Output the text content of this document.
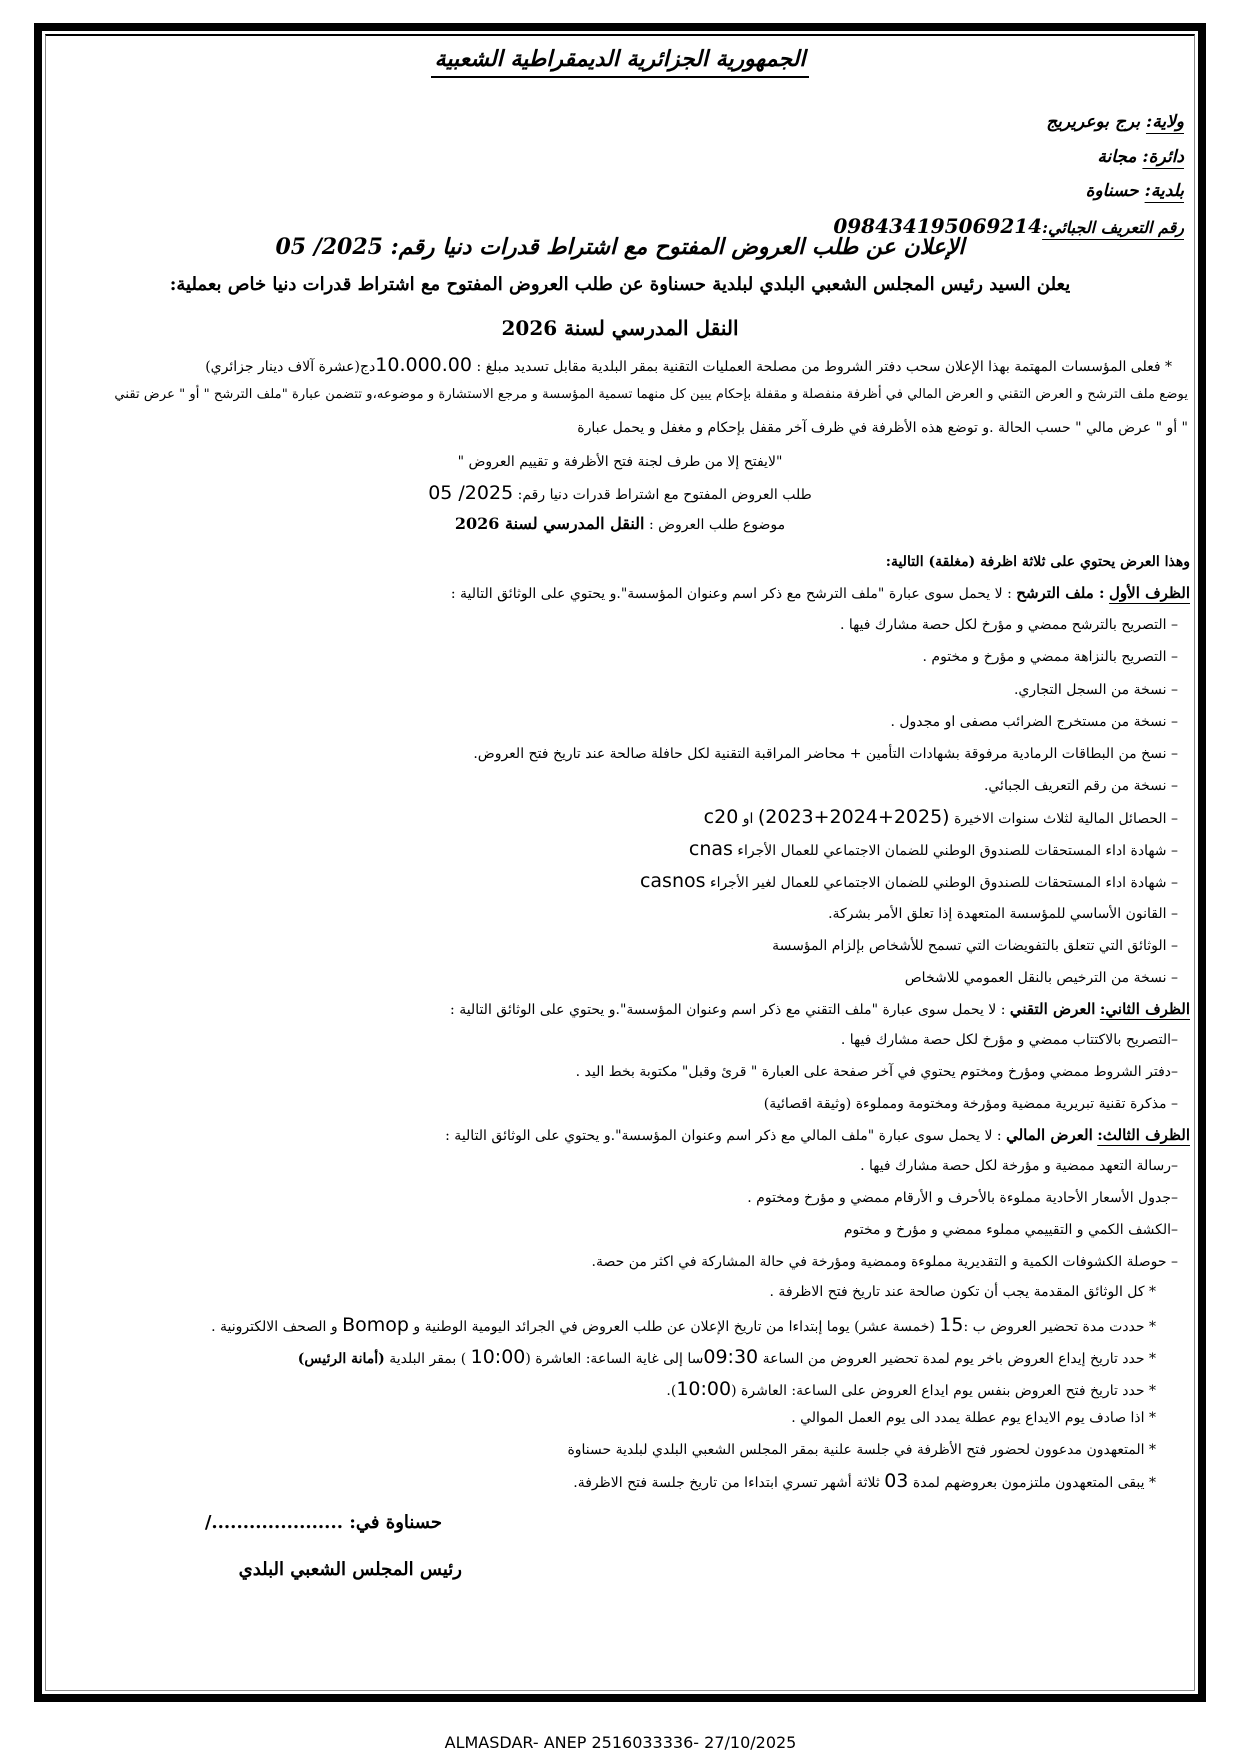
الجمهورية الجزائرية الديمقراطية الشعبية
ولاية: برج بوعريريج
دائرة: مجانة
بلدية: حسناوة
رقم التعريف الجبائي:098434195069214
الإعلان عن طلب العروض المفتوح مع اشتراط قدرات دنيا رقم: 05 /2025
يعلن السيد رئيس المجلس الشعبي البلدي لبلدية حسناوة عن طلب العروض المفتوح مع اشتراط قدرات دنيا خاص بعملية:
النقل المدرسي لسنة 2026
* فعلى المؤسسات المهتمة بهذا الإعلان سحب دفتر الشروط من مصلحة العمليات التقنية بمقر البلدية مقابل تسديد مبلغ : 10.000.00دج(عشرة آلاف دينار جزائري)
يوضع ملف الترشح و العرض التقني و العرض المالي في أظرفة منفصلة و مقفلة بإحكام يبين كل منهما تسمية المؤسسة و مرجع الاستشارة و موضوعه،و تتضمن عبارة "ملف الترشح " أو " عرض تقني
" أو " عرض مالي " حسب الحالة .و توضع هذه الأظرفة في ظرف آخر مقفل بإحكام و مغفل و يحمل عبارة
"لايفتح إلا من طرف لجنة فتح الأظرفة و تقييم العروض "
طلب العروض المفتوح مع اشتراط قدرات دنيا رقم: 05 /2025
موضوع طلب العروض : النقل المدرسي لسنة 2026
وهذا العرض يحتوي على ثلاثة اظرفة (مغلقة) التالية:
الظرف الأول : ملف الترشح : لا يحمل سوى عبارة "ملف الترشح مع ذكر اسم وعنوان المؤسسة".و يحتوي على الوثائق التالية :
– التصريح بالترشح ممضي و مؤرخ لكل حصة مشارك فيها .
– التصريح بالنزاهة ممضي و مؤرخ و مختوم .
– نسخة من السجل التجاري.
– نسخة من مستخرج الضرائب مصفى او مجدول .
– نسخ من البطاقات الرمادية مرفوقة بشهادات التأمين + محاضر المراقبة التقنية لكل حافلة صالحة عند تاريخ فتح العروض.
– نسخة من رقم التعريف الجبائي.
– الحصائل المالية لثلاث سنوات الاخيرة (2023+2024+2025) او c20
– شهادة اداء المستحقات للصندوق الوطني للضمان الاجتماعي للعمال الأجراء cnas
– شهادة اداء المستحقات للصندوق الوطني للضمان الاجتماعي للعمال لغير الأجراء casnos
– القانون الأساسي للمؤسسة المتعهدة إذا تعلق الأمر بشركة.
– الوثائق التي تتعلق بالتفويضات التي تسمح للأشخاص بإلزام المؤسسة
– نسخة من الترخيص بالنقل العمومي للاشخاص
الظرف الثاني: العرض التقني : لا يحمل سوى عبارة "ملف التقني مع ذكر اسم وعنوان المؤسسة".و يحتوي على الوثائق التالية :
–التصريح بالاكتتاب ممضي و مؤرخ لكل حصة مشارك فيها .
–دفتر الشروط ممضي ومؤرخ ومختوم يحتوي في آخر صفحة على العبارة " قرئ وقبل" مكتوبة بخط اليد .
– مذكرة تقنية تبريرية ممضية ومؤرخة ومختومة ومملوءة (وثيقة اقصائية)
الظرف الثالث: العرض المالي : لا يحمل سوى عبارة "ملف المالي مع ذكر اسم وعنوان المؤسسة".و يحتوي على الوثائق التالية :
–رسالة التعهد ممضية و مؤرخة لكل حصة مشارك فيها .
–جدول الأسعار الأحادية مملوءة بالأحرف و الأرقام ممضي و مؤرخ ومختوم .
–الكشف الكمي و التقييمي مملوء ممضي و مؤرخ و مختوم
– حوصلة الكشوفات الكمية و التقديرية مملوءة وممضية ومؤرخة في حالة المشاركة في اكثر من حصة.
* كل الوثائق المقدمة يجب أن تكون صالحة عند تاريخ فتح الاظرفة .
* حددت مدة تحضير العروض ب :15 (خمسة عشر) يوما إبتداءا من تاريخ الإعلان عن طلب العروض في الجرائد اليومية الوطنية و Bomop و الصحف الالكترونية .
* حدد تاريخ إيداع العروض باخر يوم لمدة تحضير العروض من الساعة 09:30سا إلى غاية الساعة: العاشرة (10:00 ) بمقر البلدية (أمانة الرئيس)
* حدد تاريخ فتح العروض بنفس يوم ايداع العروض على الساعة: العاشرة (10:00).
* اذا صادف يوم الايداع يوم عطلة يمدد الى يوم العمل الموالي .
* المتعهدون مدعوون لحضور فتح الأظرفة في جلسة علنية بمقر المجلس الشعبي البلدي لبلدية حسناوة
* يبقى المتعهدون ملتزمون بعروضهم لمدة 03 ثلاثة أشهر تسري ابتداءا من تاريخ جلسة فتح الاظرفة.
حسناوة في: ...................../
رئيس المجلس الشعبي البلدي
ALMASDAR- ANEP 2516033336- 27/10/2025
